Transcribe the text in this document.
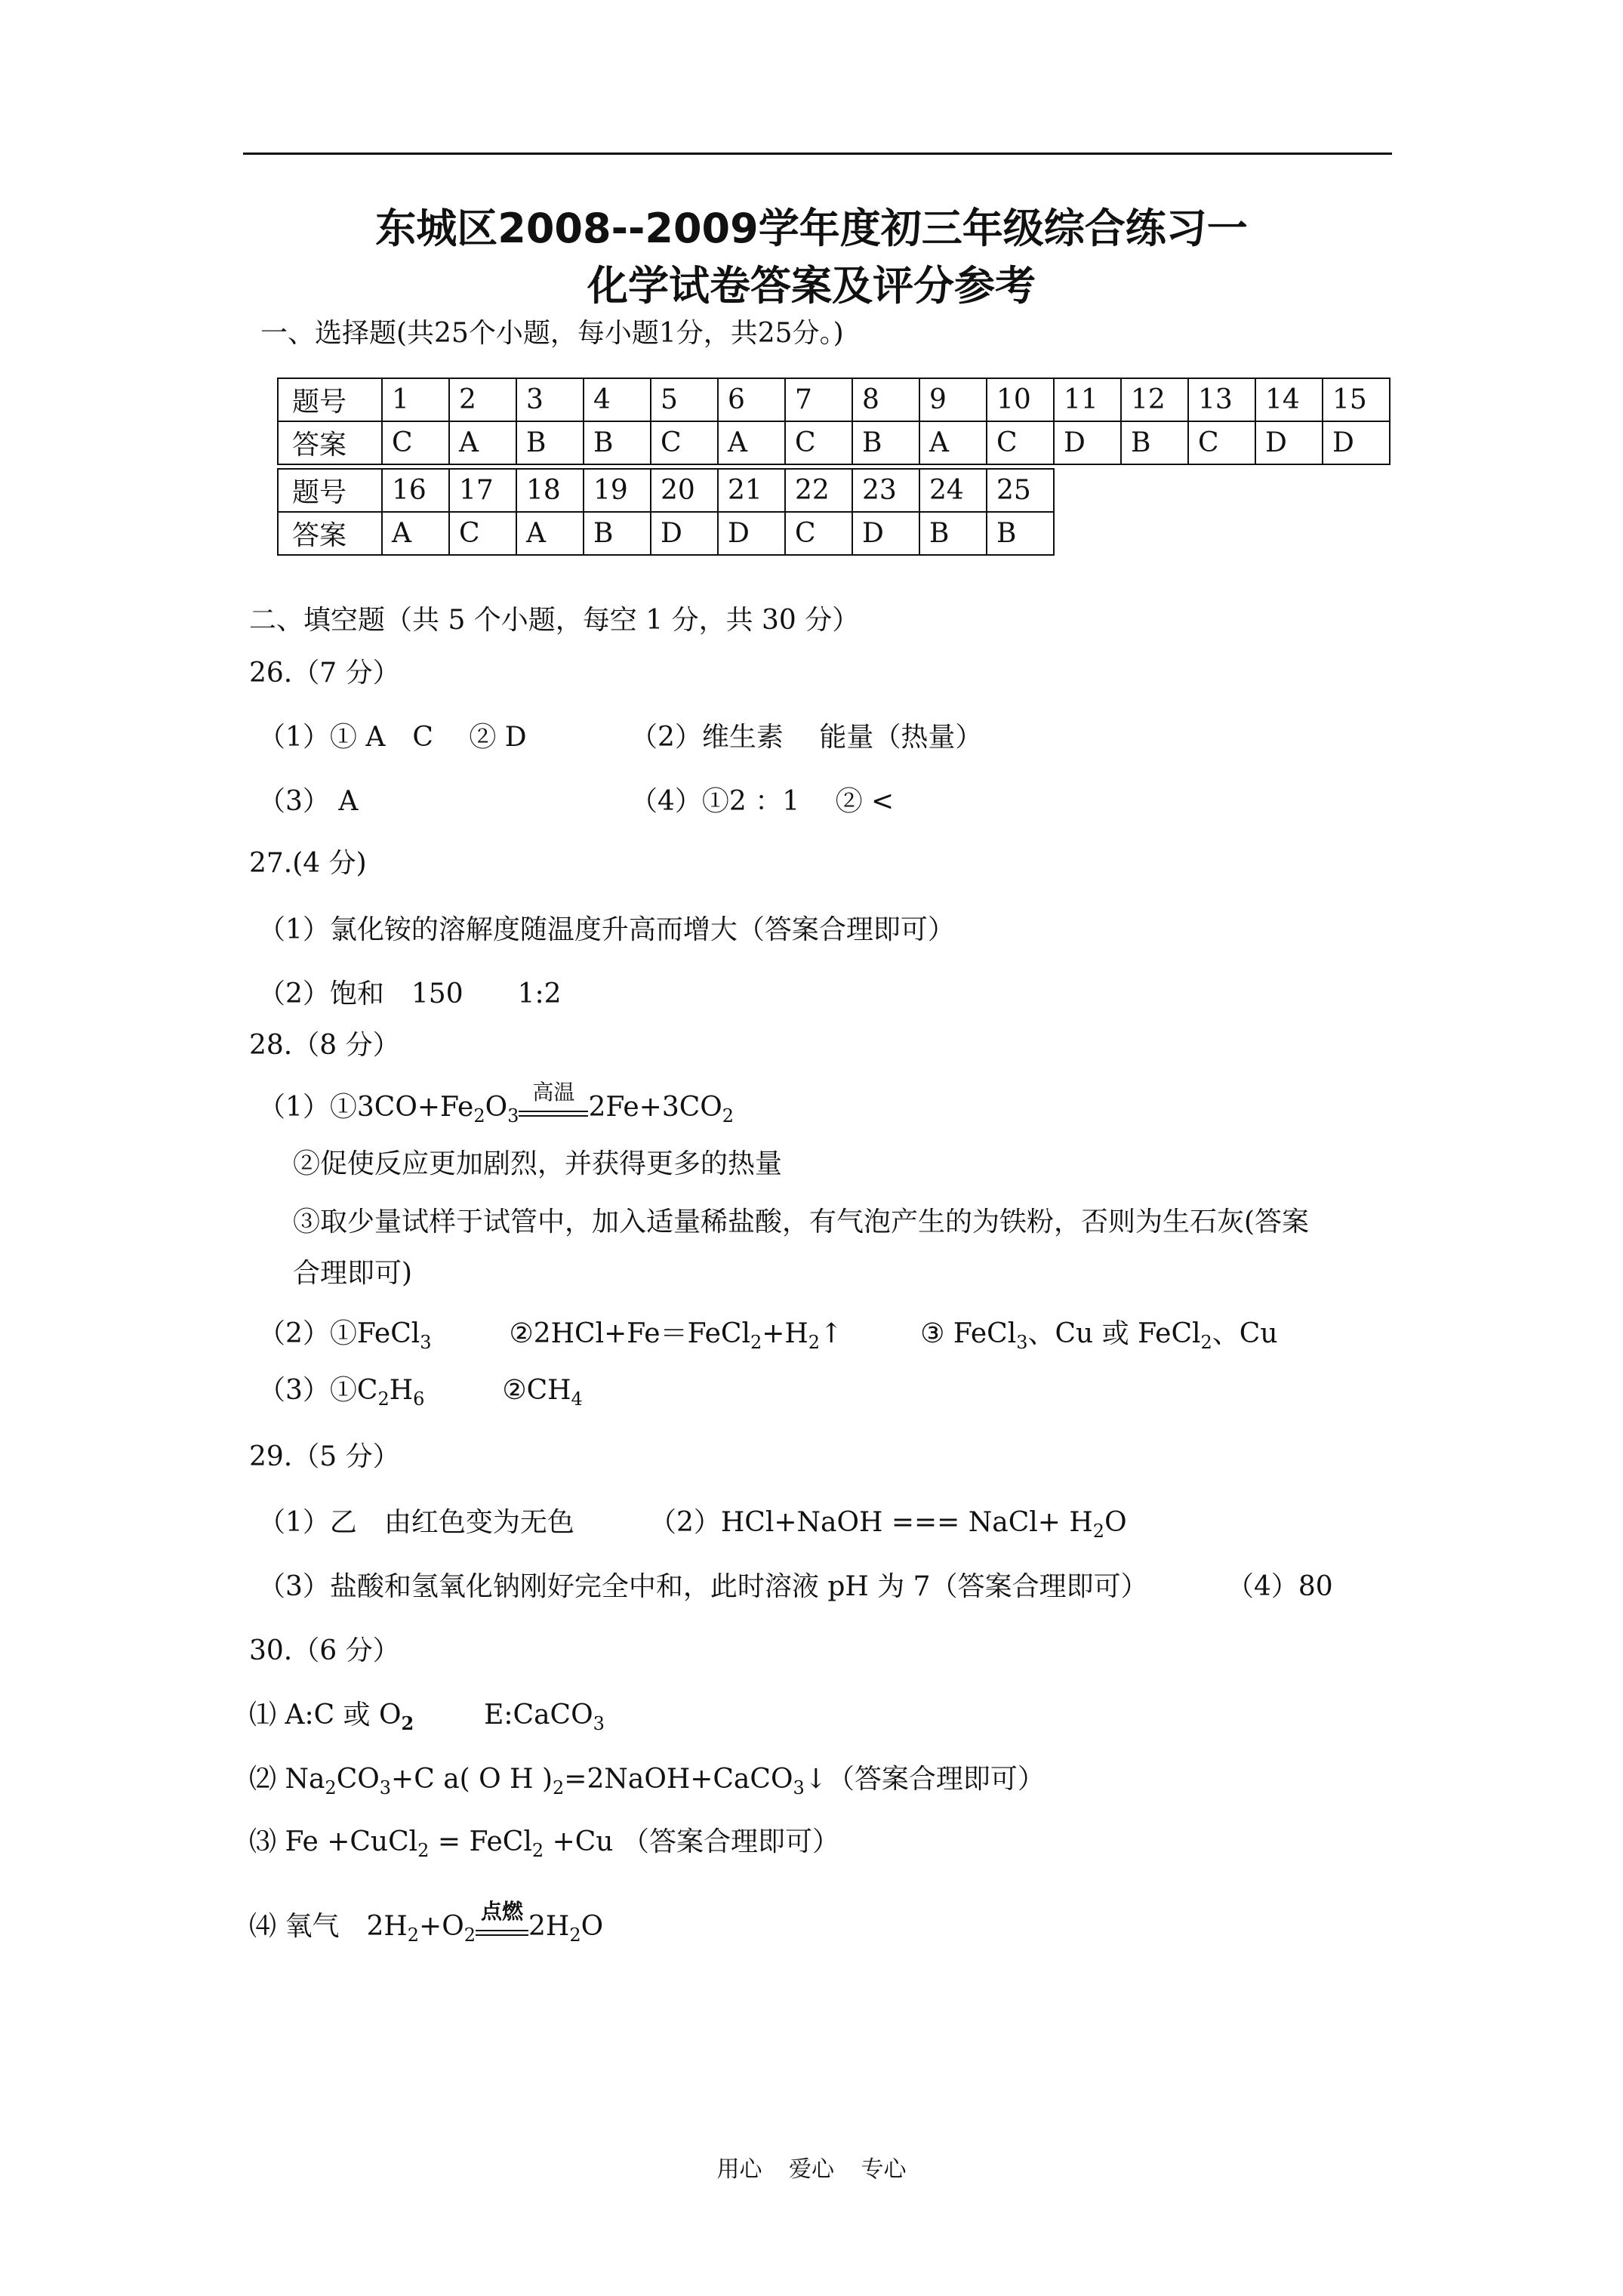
东城区2008--2009学年度初三年级综合练习一
化学试卷答案及评分参考
一、选择题(共25个小题，每小题1分，共25分。)
题号	1	2	3	4	5	6	7	8	9	10	11	12	13	14	15
答案	C	A	B	B	C	A	C	B	A	C	D	B	C	D	D
题号	16	17	18	19	20	21	22	23	24	25
答案	A	C	A	B	D	D	C	D	B	B
二、填空题（共 5 个小题，每空 1 分，共 30 分）
26.（7 分）
（1）① A　C　 ② D	（2）维生素　 能量（热量）
（3） A	（4）①2 ：1　 ② <
27.(4 分)
（1）氯化铵的溶解度随温度升高而增大（答案合理即可）
（2）饱和　150　　1:2
28.（8 分）
$(1)①3CO+Fe_2O_3$
高温 $2Fe+3CO_2$
②促使反应更加剧烈，并获得更多的热量
③取少量试样于试管中，加入适量稀盐酸，有气泡产生的为铁粉，否则为生石灰(答案
合理即可)
（2）①FeCl$_3$	$②2HCl+Fe=FeCl_2+H_2↑$	③ FeCl$_3$、Cu 或 FeCl$_2$、Cu
$(3)①C_2H_6$	$②CH_4$
29.（5 分）
（1）乙　由红色变为无色	（2）HCl+NaOH === NaCl+ $H_2O$
（3）盐酸和氢氧化钠刚好完全中和，此时溶液 pH 为 7（答案合理即可）	（4）80
30.（6 分）
⑴ A:C 或 $O_2$	E:CaCO$_3$
⑵ $Na_2CO_3+C$ a( O H )$_2=2NaOH+CaCO_3↓$（答案合理即可）
⑶ Fe +CuCl$_2$ = FeCl$_2$ +Cu （答案合理即可）
⑷ 氧气　$2H_2+O_2$
点燃 $2H_2O$
用心 爱心 专心
